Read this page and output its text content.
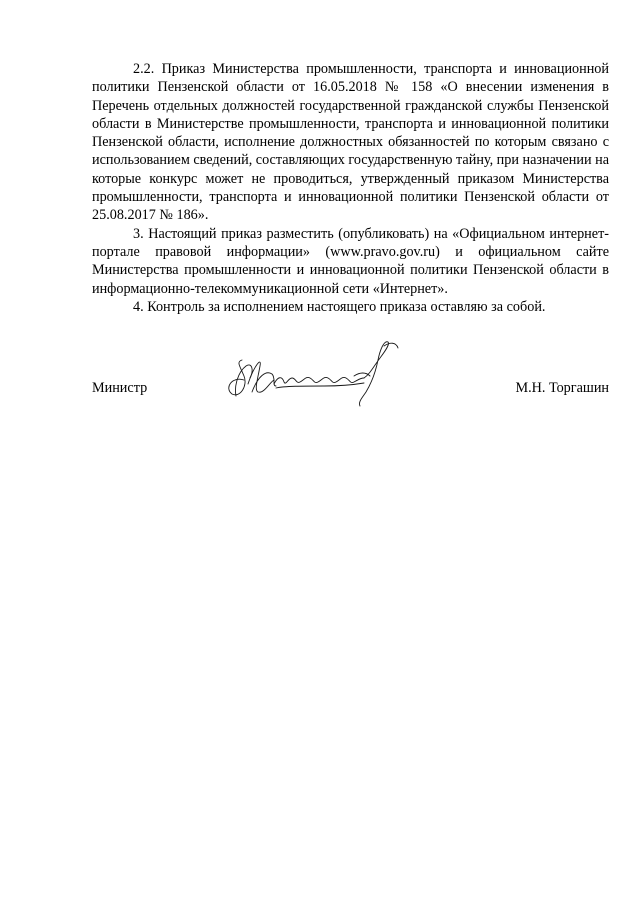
2.2. Приказ Министерства промышленности, транспорта и инновационной политики Пензенской области от 16.05.2018 № 158 «О внесении изменения в Перечень отдельных должностей государственной гражданской службы Пензенской области в Министерстве промышленности, транспорта и инновационной политики Пензенской области, исполнение должностных обязанностей по которым связано с использованием сведений, составляющих государственную тайну, при назначении на которые конкурс может не проводиться, утвержденный приказом Министерства промышленности, транспорта и инновационной политики Пензенской области от 25.08.2017 № 186».

3. Настоящий приказ разместить (опубликовать) на «Официальном интернет-портале правовой информации» (www.pravo.gov.ru) и официальном сайте Министерства промышленности и инновационной политики Пензенской области в информационно-телекоммуникационной сети «Интернет».

4. Контроль за исполнением настоящего приказа оставляю за собой.

Министр	М.Н. Торгашин
